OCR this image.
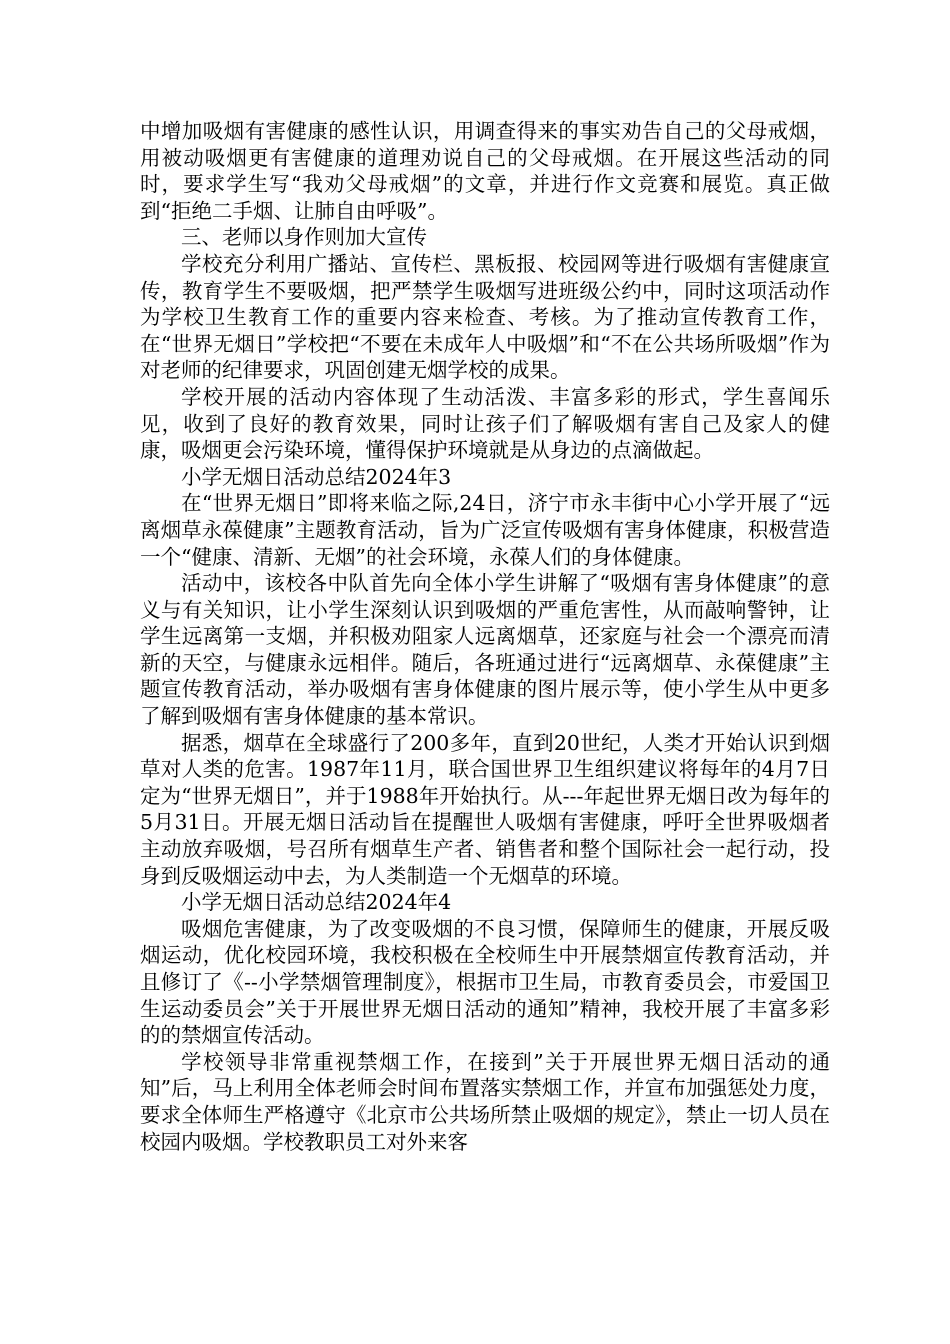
中增加吸烟有害健康的感性认识，用调查得来的事实劝告自己的父母戒烟，用被动吸烟更有害健康的道理劝说自己的父母戒烟。在开展这些活动的同时，要求学生写“我劝父母戒烟”的文章，并进行作文竞赛和展览。真正做到“拒绝二手烟、让肺自由呼吸”。

三、老师以身作则加大宣传

学校充分利用广播站、宣传栏、黑板报、校园网等进行吸烟有害健康宣传，教育学生不要吸烟，把严禁学生吸烟写进班级公约中，同时这项活动作为学校卫生教育工作的重要内容来检查、考核。为了推动宣传教育工作，在“世界无烟日”学校把“不要在未成年人中吸烟”和“不在公共场所吸烟”作为对老师的纪律要求，巩固创建无烟学校的成果。

学校开展的活动内容体现了生动活泼、丰富多彩的形式，学生喜闻乐见，收到了良好的教育效果，同时让孩子们了解吸烟有害自己及家人的健康，吸烟更会污染环境，懂得保护环境就是从身边的点滴做起。

小学无烟日活动总结2024年3

在“世界无烟日”即将来临之际,24日，济宁市永丰街中心小学开展了“远离烟草永葆健康”主题教育活动，旨为广泛宣传吸烟有害身体健康，积极营造一个“健康、清新、无烟”的社会环境，永葆人们的身体健康。

活动中，该校各中队首先向全体小学生讲解了“吸烟有害身体健康”的意义与有关知识，让小学生深刻认识到吸烟的严重危害性，从而敲响警钟，让学生远离第一支烟，并积极劝阻家人远离烟草，还家庭与社会一个漂亮而清新的天空，与健康永远相伴。随后，各班通过进行“远离烟草、永葆健康”主题宣传教育活动，举办吸烟有害身体健康的图片展示等，使小学生从中更多了解到吸烟有害身体健康的基本常识。

据悉，烟草在全球盛行了200多年，直到20世纪，人类才开始认识到烟草对人类的危害。1987年11月，联合国世界卫生组织建议将每年的4月7日定为“世界无烟日”，并于1988年开始执行。从---年起世界无烟日改为每年的5月31日。开展无烟日活动旨在提醒世人吸烟有害健康，呼吁全世界吸烟者主动放弃吸烟，号召所有烟草生产者、销售者和整个国际社会一起行动，投身到反吸烟运动中去，为人类制造一个无烟草的环境。

小学无烟日活动总结2024年4

吸烟危害健康，为了改变吸烟的不良习惯，保障师生的健康，开展反吸烟运动，优化校园环境，我校积极在全校师生中开展禁烟宣传教育活动，并且修订了《--小学禁烟管理制度》，根据市卫生局，市教育委员会，市爱国卫生运动委员会”关于开展世界无烟日活动的通知”精神，我校开展了丰富多彩的的禁烟宣传活动。

学校领导非常重视禁烟工作，在接到”关于开展世界无烟日活动的通知”后，马上利用全体老师会时间布置落实禁烟工作，并宣布加强惩处力度，要求全体师生严格遵守《北京市公共场所禁止吸烟的规定》，禁止一切人员在校园内吸烟。学校教职员工对外来客
